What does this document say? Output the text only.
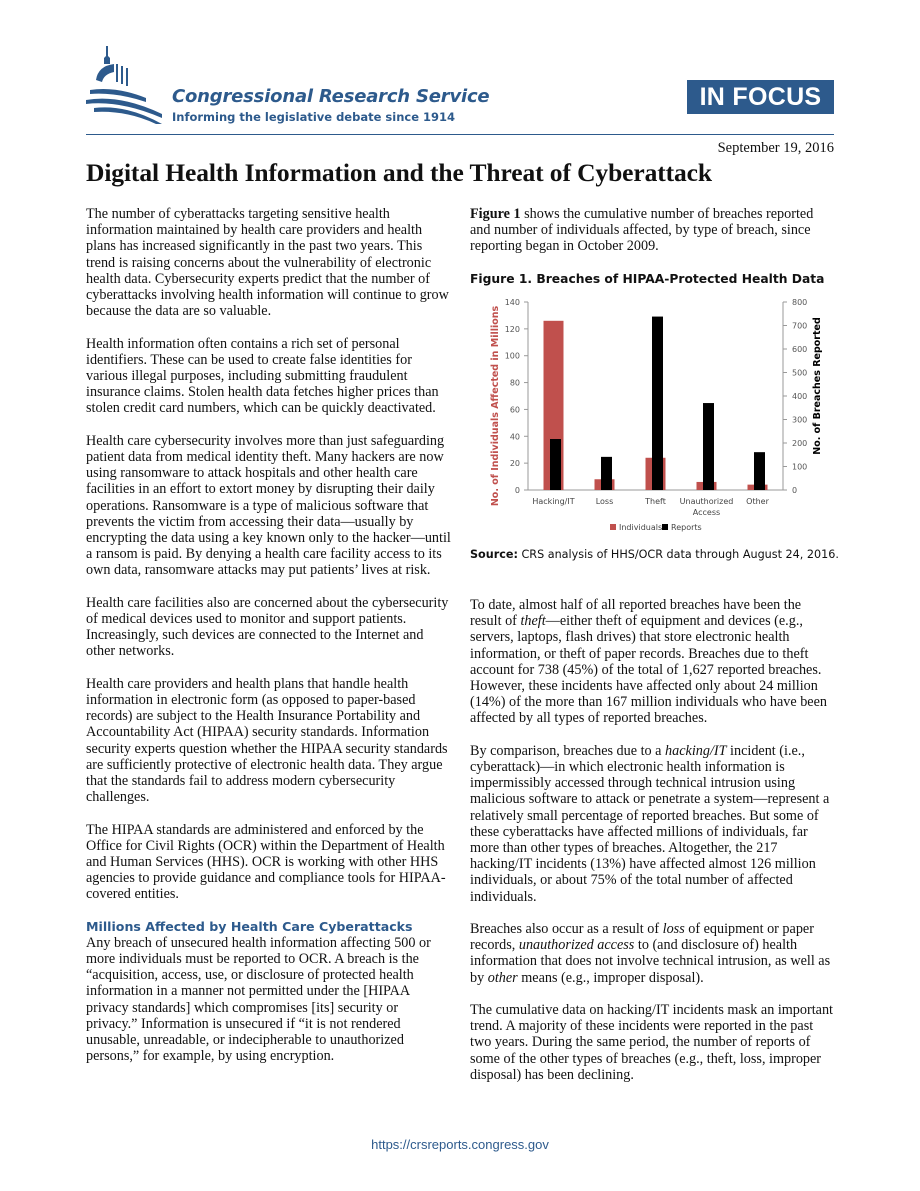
Congressional Research Service
Informing the legislative debate since 1914
IN FOCUS
September 19, 2016
Digital Health Information and the Threat of Cyberattack

The number of cyberattacks targeting sensitive health information maintained by health care providers and health plans has increased significantly in the past two years. This trend is raising concerns about the vulnerability of electronic health data. Cybersecurity experts predict that the number of cyberattacks involving health information will continue to grow because the data are so valuable.

Health information often contains a rich set of personal identifiers. These can be used to create false identities for various illegal purposes, including submitting fraudulent insurance claims. Stolen health data fetches higher prices than stolen credit card numbers, which can be quickly deactivated.

Health care cybersecurity involves more than just safeguarding patient data from medical identity theft. Many hackers are now using ransomware to attack hospitals and other health care facilities in an effort to extort money by disrupting their daily operations. Ransomware is a type of malicious software that prevents the victim from accessing their data—usually by encrypting the data using a key known only to the hacker—until a ransom is paid. By denying a health care facility access to its own data, ransomware attacks may put patients’ lives at risk.

Health care facilities also are concerned about the cybersecurity of medical devices used to monitor and support patients. Increasingly, such devices are connected to the Internet and other networks.

Health care providers and health plans that handle health information in electronic form (as opposed to paper-based records) are subject to the Health Insurance Portability and Accountability Act (HIPAA) security standards. Information security experts question whether the HIPAA security standards are sufficiently protective of electronic health data. They argue that the standards fail to address modern cybersecurity challenges.

The HIPAA standards are administered and enforced by the Office for Civil Rights (OCR) within the Department of Health and Human Services (HHS). OCR is working with other HHS agencies to provide guidance and compliance tools for HIPAA-covered entities.

Millions Affected by Health Care Cyberattacks

Any breach of unsecured health information affecting 500 or more individuals must be reported to OCR. A breach is the “acquisition, access, use, or disclosure of protected health information in a manner not permitted under the [HIPAA privacy standards] which compromises [its] security or privacy.” Information is unsecured if “it is not rendered unusable, unreadable, or indecipherable to unauthorized persons,” for example, by using encryption.

Figure 1 shows the cumulative number of breaches reported and number of individuals affected, by type of breach, since reporting began in October 2009.

Figure 1. Breaches of HIPAA-Protected Health Data
0
20
40
60
80
100
120
140
0
100
200
300
400
500
600
700
800
Hacking/IT	Loss	Theft Unauthorized
Access
Other
No. of Individuals Affected in Millions	No. of Breaches Reported
Individuals Reports
Source: CRS analysis of HHS/OCR data through August 24, 2016.

To date, almost half of all reported breaches have been the result of theft—either theft of equipment and devices (e.g., servers, laptops, flash drives) that store electronic health information, or theft of paper records. Breaches due to theft account for 738 (45%) of the total of 1,627 reported breaches. However, these incidents have affected only about 24 million (14%) of the more than 167 million individuals who have been affected by all types of reported breaches.

By comparison, breaches due to a hacking/IT incident (i.e., cyberattack)—in which electronic health information is impermissibly accessed through technical intrusion using malicious software to attack or penetrate a system—represent a relatively small percentage of reported breaches. But some of these cyberattacks have affected millions of individuals, far more than other types of breaches. Altogether, the 217 hacking/IT incidents (13%) have affected almost 126 million individuals, or about 75% of the total number of affected individuals.

Breaches also occur as a result of loss of equipment or paper records, unauthorized access to (and disclosure of) health information that does not involve technical intrusion, as well as by other means (e.g., improper disposal).

The cumulative data on hacking/IT incidents mask an important trend. A majority of these incidents were reported in the past two years. During the same period, the number of reports of some of the other types of breaches (e.g., theft, loss, improper disposal) has been declining.

https://crsreports.congress.gov
